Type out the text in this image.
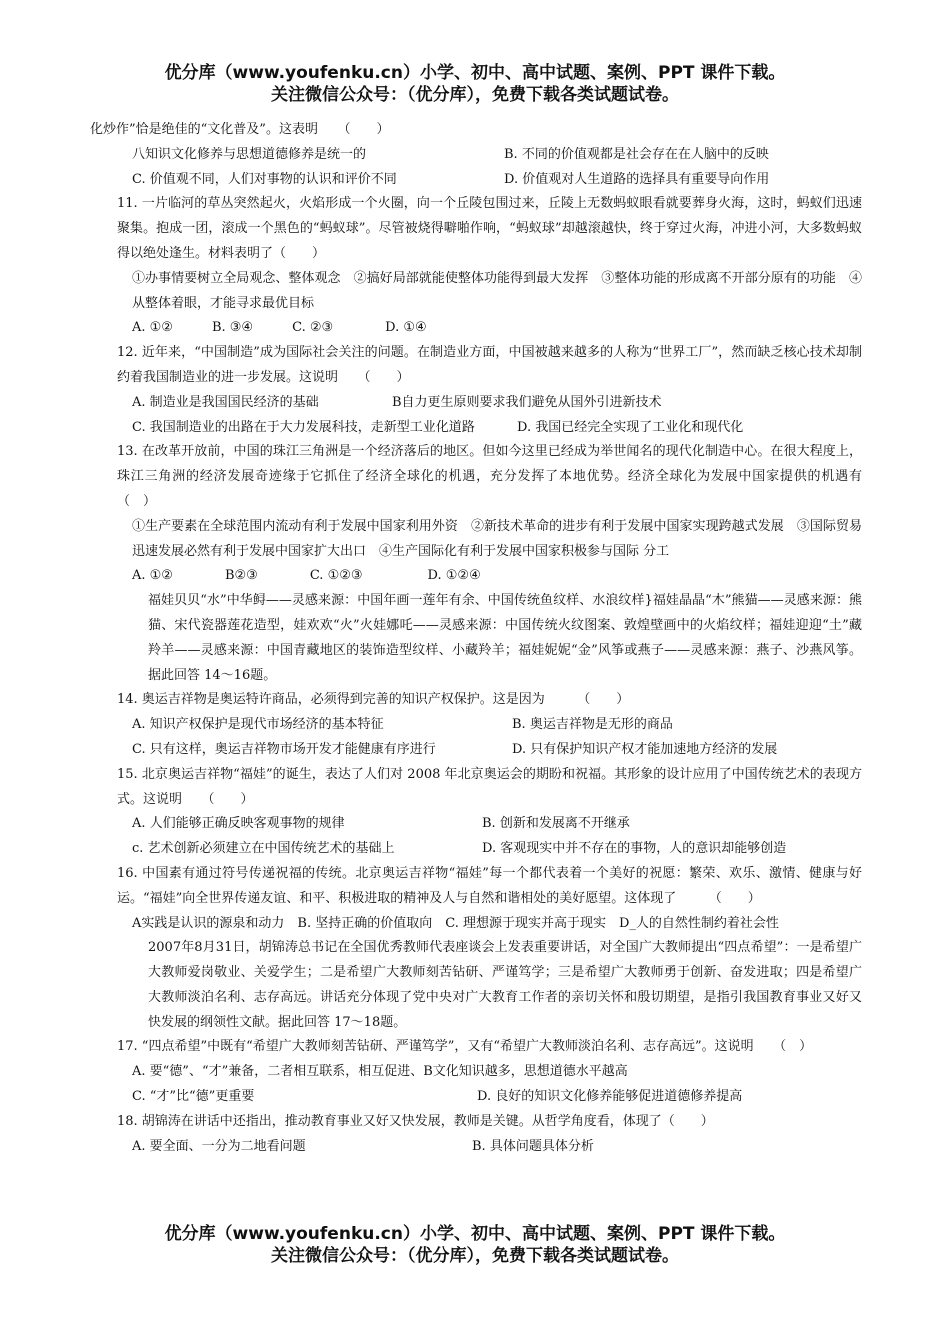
优分库（www.youfenku.cn）小学、初中、高中试题、案例、PPT 课件下载。
关注微信公众号：（优分库），免费下载各类试题试卷。

化炒作”恰是绝佳的“文化普及”。这表明　　（　　）

八知识文化修养与思想道德修养是统一的	B. 不同的价值观都是社会存在在人脑中的反映
C. 价值观不同，人们对事物的认识和评价不同	D. 价值观对人生道路的选择具有重要导向作用

11. 一片临河的草丛突然起火，火焰形成一个火圈，向一个丘陵包围过来，丘陵上无数蚂蚁眼看就要葬身火海，这时，蚂蚁们迅速聚集。抱成一团，滚成一个黑色的“蚂蚁球”。尽管被烧得噼啪作响，“蚂蚁球”却越滚越快，终于穿过火海，冲进小河，大多数蚂蚁得以绝处逢生。材料表明了（　　）

①办事情要树立全局观念、整体观念　②搞好局部就能使整体功能得到最大发挥　③整体功能的形成离不开部分原有的功能　④从整体着眼，才能寻求最优目标

A. ①②　　　B. ③④　　　C. ②③　　　　D. ①④

12. 近年来，“中国制造”成为国际社会关注的问题。在制造业方面，中国被越来越多的人称为“世界工厂”，然而缺乏核心技术却制约着我国制造业的进一步发展。这说明　　（　　）

A. 制造业是我国国民经济的基础	B自力更生原则要求我们避免从国外引进新技术
C. 我国制造业的出路在于大力发展科技，走新型工业化道路	D. 我国已经完全实现了工业化和现代化

13. 在改革开放前，中国的珠江三角洲是一个经济落后的地区。但如今这里已经成为举世闻名的现代化制造中心。在很大程度上，珠江三角洲的经济发展奇迹缘于它抓住了经济全球化的机遇，充分发挥了本地优势。经济全球化为发展中国家提供的机遇有　　（　）

①生产要素在全球范围内流动有利于发展中国家利用外资　②新技术革命的进步有利于发展中国家实现跨越式发展　③国际贸易迅速发展必然有利于发展中国家扩大出口　④生产国际化有利于发展中国家积极参与国际 分工

A. ①②　　　　B②③　　　　C. ①②③　　　　　D. ①②④

福娃贝贝“水”中华鲟——灵感来源：中国年画一莲年有余、中国传统鱼纹样、水浪纹样}福娃晶晶“木”熊猫——灵感来源：熊猫、宋代瓷器莲花造型，娃欢欢“火”火娃娜吒——灵感来源：中国传统火纹图案、敦煌壁画中的火焰纹样；福娃迎迎“土”藏羚羊——灵感来源：中国青藏地区的装饰造型纹样、小藏羚羊；福娃妮妮“金”风筝或燕子——灵感来源：燕子、沙燕风筝。据此回答 14～16题。

14. 奥运吉祥物是奥运特许商品，必须得到完善的知识产权保护。这是因为　　　（　　）

A. 知识产权保护是现代市场经济的基本特征	B. 奥运吉祥物是无形的商品
C. 只有这样，奥运吉祥物市场开发才能健康有序进行	D. 只有保护知识产权才能加速地方经济的发展

15. 北京奥运吉祥物“福娃”的诞生，表达了人们对 2008 年北京奥运会的期盼和祝福。其形象的设计应用了中国传统艺术的表现方式。这说明　　（　　）

A. 人们能够正确反映客观事物的规律	B. 创新和发展离不开继承
c. 艺术创新必须建立在中国传统艺术的基础上	D. 客观现实中并不存在的事物，人的意识却能够创造

16. 中国素有通过符号传递祝福的传统。北京奥运吉祥物“福娃”每一个都代表着一个美好的祝愿：繁荣、欢乐、激情、健康与好运。“福娃”向全世界传递友谊、和平、积极进取的精神及人与自然和谐相处的美好愿望。这体现了　　　（　　）

A实践是认识的源泉和动力　B. 坚持正确的价值取向　C. 理想源于现实并高于现实　D_人的自然性制约着社会性

2007年8月31日，胡锦涛总书记在全国优秀教师代表座谈会上发表重要讲话，对全国广大教师提出“四点希望”：一是希望广大教师爱岗敬业、关爱学生；二是希望广大教师刻苦钻研、严谨笃学；三是希望广大教师勇于创新、奋发进取；四是希望广大教师淡泊名利、志存高远。讲话充分体现了党中央对广大教育工作者的亲切关怀和殷切期望，是指引我国教育事业又好又快发展的纲领性文献。据此回答 17～18题。

17. “四点希望”中既有“希望广大教师刻苦钻研、严谨笃学”，又有“希望广大教师淡泊名利、志存高远”。这说明　　（　）

A. 要“德”、“才”兼备，二者相互联系，相互促进、 B文化知识越多，思想道德水平越高
C. “才”比“德”更重要	D. 良好的知识文化修养能够促进道德修养提高

18. 胡锦涛在讲话中还指出，推动教育事业又好又快发展，教师是关键。从哲学角度看，体现了（　　）

A. 要全面、一分为二地看问题	B. 具体问题具体分析
优分库（www.youfenku.cn）小学、初中、高中试题、案例、PPT 课件下载。
关注微信公众号：（优分库），免费下载各类试题试卷。
